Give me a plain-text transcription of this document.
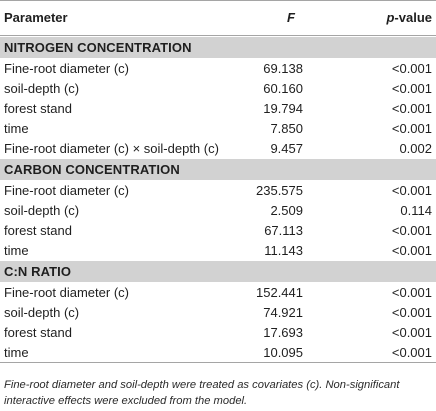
Parameter	F	p-value
NITROGEN CONCENTRATION
Fine-root diameter (c)	69.138	<0.001
soil-depth (c)	60.160	<0.001
forest stand	19.794	<0.001
time	7.850	<0.001
Fine-root diameter (c) × soil-depth (c)	9.457	0.002
CARBON CONCENTRATION
Fine-root diameter (c)	235.575	<0.001
soil-depth (c)	2.509	0.114
forest stand	67.113	<0.001
time	11.143	<0.001
C:N RATIO
Fine-root diameter (c)	152.441	<0.001
soil-depth (c)	74.921	<0.001
forest stand	17.693	<0.001
time	10.095	<0.001
Fine-root diameter and soil-depth were treated as covariates (c). Non-significant interactive effects were excluded from the model.
